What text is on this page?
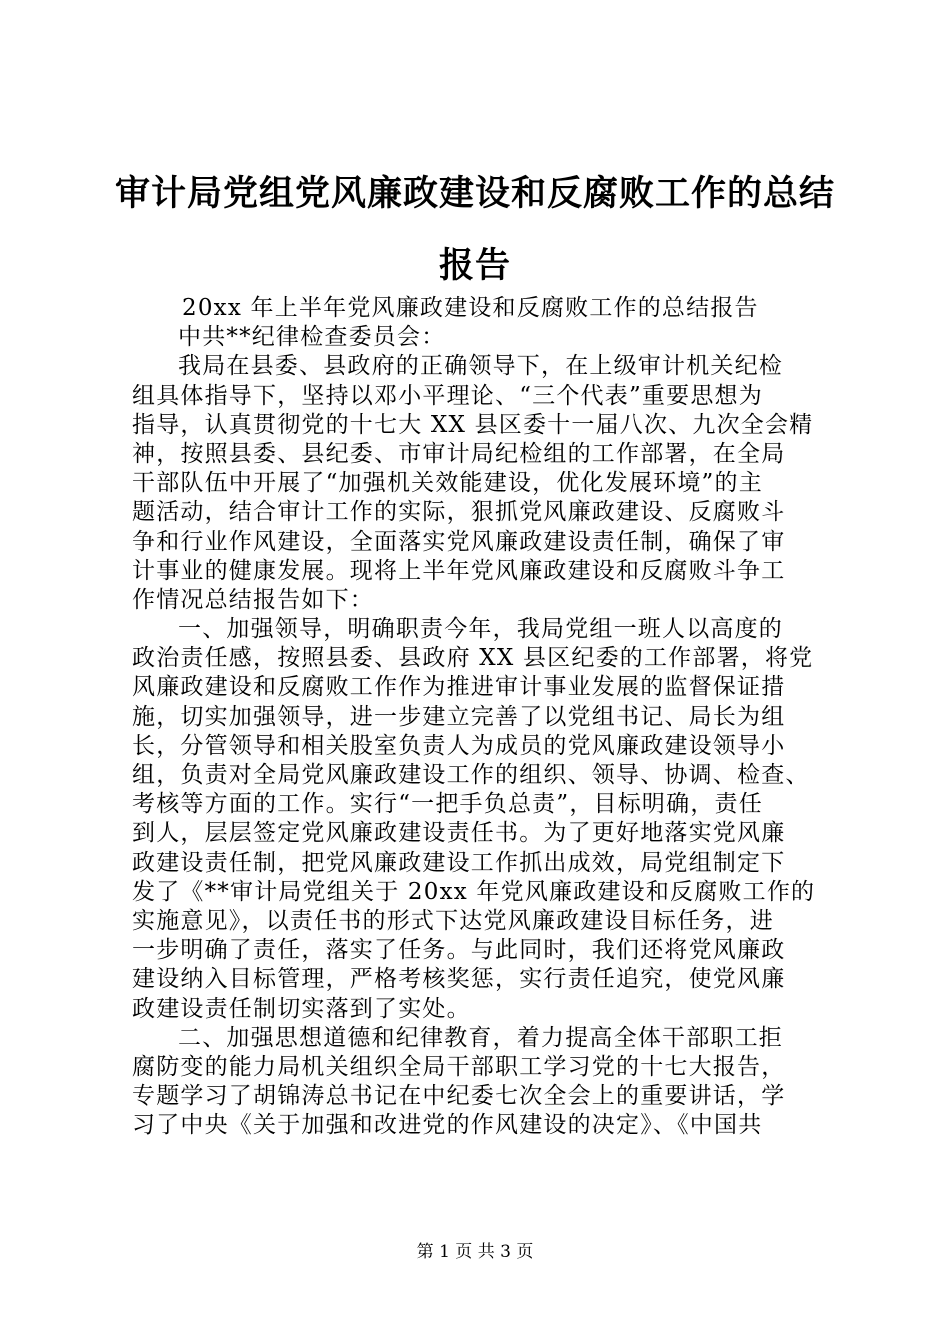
审计局党组党风廉政建设和反腐败工作的总结
报告
20xx 年上半年党风廉政建设和反腐败工作的总结报告
中共**纪律检查委员会：
我局在县委、县政府的正确领导下，在上级审计机关纪检
组具体指导下，坚持以邓小平理论、“三个代表”重要思想为
指导，认真贯彻党的十七大 XX 县区委十一届八次、九次全会精
神，按照县委、县纪委、市审计局纪检组的工作部署，在全局
干部队伍中开展了“加强机关效能建设，优化发展环境”的主
题活动，结合审计工作的实际，狠抓党风廉政建设、反腐败斗
争和行业作风建设，全面落实党风廉政建设责任制，确保了审
计事业的健康发展。现将上半年党风廉政建设和反腐败斗争工
作情况总结报告如下：
一、加强领导，明确职责今年，我局党组一班人以高度的
政治责任感，按照县委、县政府 XX 县区纪委的工作部署，将党
风廉政建设和反腐败工作作为推进审计事业发展的监督保证措
施，切实加强领导，进一步建立完善了以党组书记、局长为组
长，分管领导和相关股室负责人为成员的党风廉政建设领导小
组，负责对全局党风廉政建设工作的组织、领导、协调、检查、
考核等方面的工作。实行“一把手负总责”，目标明确，责任
到人，层层签定党风廉政建设责任书。为了更好地落实党风廉
政建设责任制，把党风廉政建设工作抓出成效，局党组制定下
发了《**审计局党组关于 20xx 年党风廉政建设和反腐败工作的
实施意见》，以责任书的形式下达党风廉政建设目标任务，进
一步明确了责任，落实了任务。与此同时，我们还将党风廉政
建设纳入目标管理，严格考核奖惩，实行责任追究，使党风廉
政建设责任制切实落到了实处。
二、加强思想道德和纪律教育，着力提高全体干部职工拒
腐防变的能力局机关组织全局干部职工学习党的十七大报告，
专题学习了胡锦涛总书记在中纪委七次全会上的重要讲话，学
习了中央《关于加强和改进党的作风建设的决定》、《中国共
第 1 页 共 3 页
